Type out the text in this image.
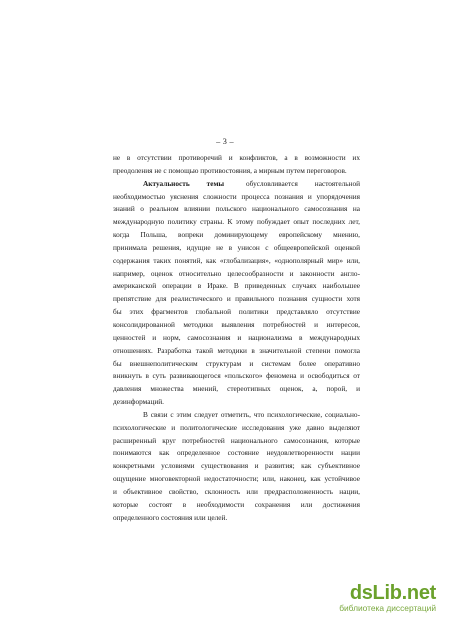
– 3 –
не в отсутствии противоречий и конфликтов, а в возможности их
преодоления не с помощью противостояния, а мирным путем переговоров.
Актуальность темы   	обусловливается настоятельной
необходимостью уяснения сложности процесса познания и упорядочения
знаний о реальном влиянии польского национального самосознания на
международную политику страны. К этому побуждает опыт последних лет,
когда Польша, вопреки доминирующему европейскому мнению,
принимала решения, идущие не в унисон с общеевропейской оценкой
содержания таких понятий, как «глобализация», «однополярный мир» или,
например, оценок относительно целесообразности и законности англо-
американской операции в Ираке. В приведенных случаях наибольшее
препятствие для реалистического и правильного познания сущности хотя
бы этих фрагментов глобальной политики представляло отсутствие
консолидированной методики выявления потребностей и интересов,
ценностей и норм, самосознания и национализма в международных
отношениях. Разработка такой методики в значительной степени помогла
бы внешнеполитическим структурам и системам более оперативно
вникнуть в суть развивающегося «польского» феномена и освободиться от
давления множества мнений, стереотипных оценок, а, порой, и
дезинформаций.
В связи с этим следует отметить, что психологические, социально-
психологические и политологические исследования уже давно выделяют
расширенный круг потребностей национального самосознания, которые
понимаются как определенное состояние неудовлетворенности нации
конкретными условиями существования и развития; как субъективное
ощущение многовекторной недостаточности; или, наконец, как устойчивое
и объективное свойство, склонность или предрасположенность нации,
которые состоят в необходимости сохранения или достижения
определенного состояния или целей.
dsLib.net
библиотека диссертаций
